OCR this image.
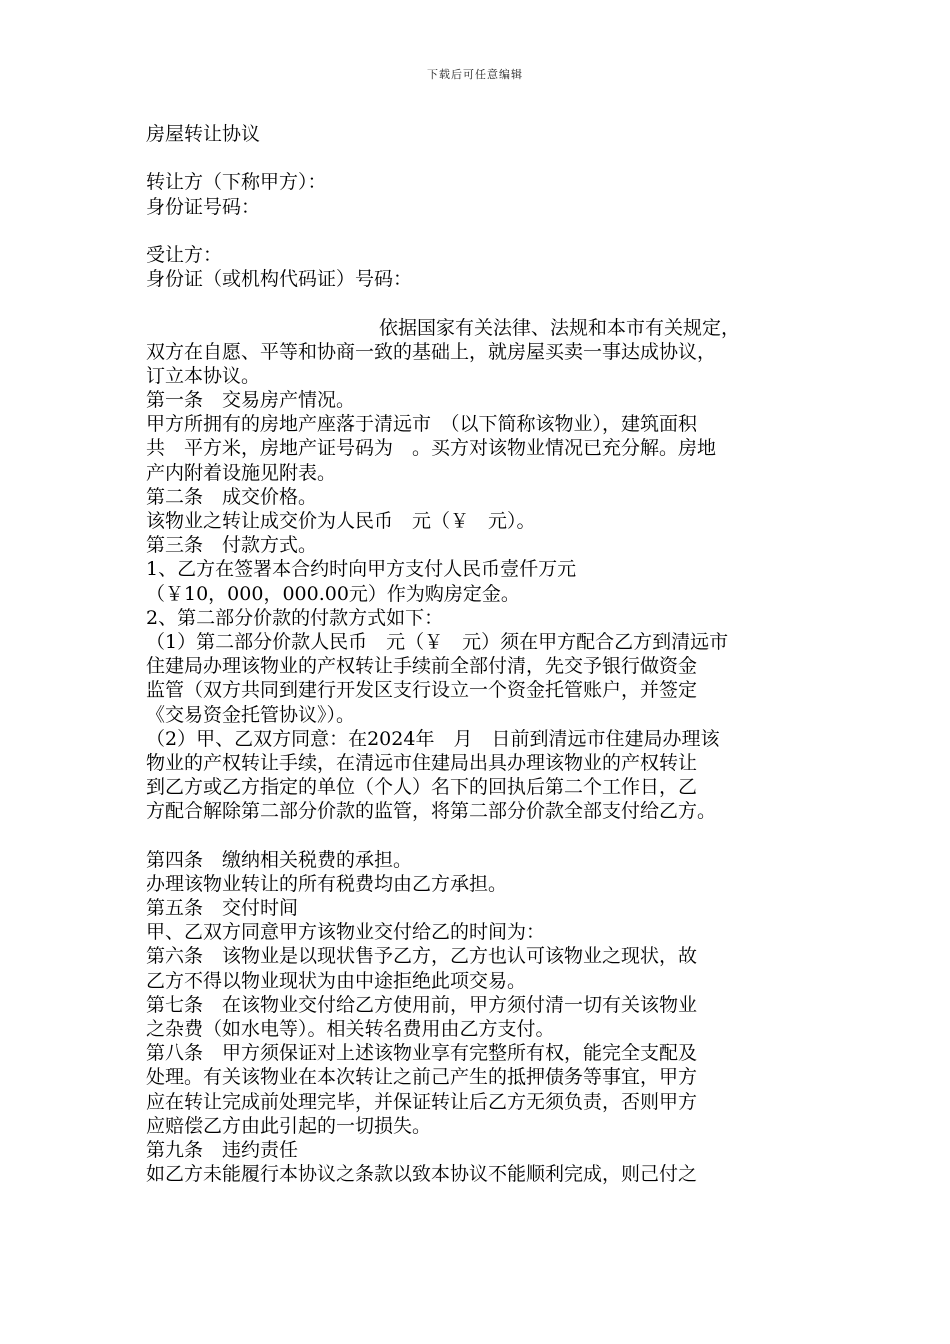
下载后可任意编辑
房屋转让协议
转让方（下称甲方）：
身份证号码：
受让方：
身份证（或机构代码证）号码：
依据国家有关法律、法规和本市有关规定，
双方在自愿、平等和协商一致的基础上，就房屋买卖一事达成协议，
订立本协议。
第一条　交易房产情况。
甲方所拥有的房地产座落于清远市　（以下简称该物业），建筑面积
共　平方米，房地产证号码为　。买方对该物业情况已充分解。房地
产内附着设施见附表。
第二条　成交价格。
该物业之转让成交价为人民币　元（￥　元）。
第三条　付款方式。
1、乙方在签署本合约时向甲方支付人民币壹仟万元
（￥10，000，000.00元）作为购房定金。
2、第二部分价款的付款方式如下：
（1）第二部分价款人民币　元（￥　元）须在甲方配合乙方到清远市
住建局办理该物业的产权转让手续前全部付清，先交予银行做资金
监管（双方共同到建行开发区支行设立一个资金托管账户，并签定
《交易资金托管协议》）。
（2）甲、乙双方同意：在2024年　月　日前到清远市住建局办理该
物业的产权转让手续，在清远市住建局出具办理该物业的产权转让
到乙方或乙方指定的单位（个人）名下的回执后第二个工作日，乙
方配合解除第二部分价款的监管，将第二部分价款全部支付给乙方。
第四条　缴纳相关税费的承担。
办理该物业转让的所有税费均由乙方承担。
第五条　交付时间
甲、乙双方同意甲方该物业交付给乙的时间为：
第六条　该物业是以现状售予乙方，乙方也认可该物业之现状，故
乙方不得以物业现状为由中途拒绝此项交易。
第七条　在该物业交付给乙方使用前，甲方须付清一切有关该物业
之杂费（如水电等）。相关转名费用由乙方支付。
第八条　甲方须保证对上述该物业享有完整所有权，能完全支配及
处理。有关该物业在本次转让之前己产生的抵押债务等事宜，甲方
应在转让完成前处理完毕，并保证转让后乙方无须负责，否则甲方
应赔偿乙方由此引起的一切损失。
第九条　违约责任
如乙方未能履行本协议之条款以致本协议不能顺利完成，则己付之
